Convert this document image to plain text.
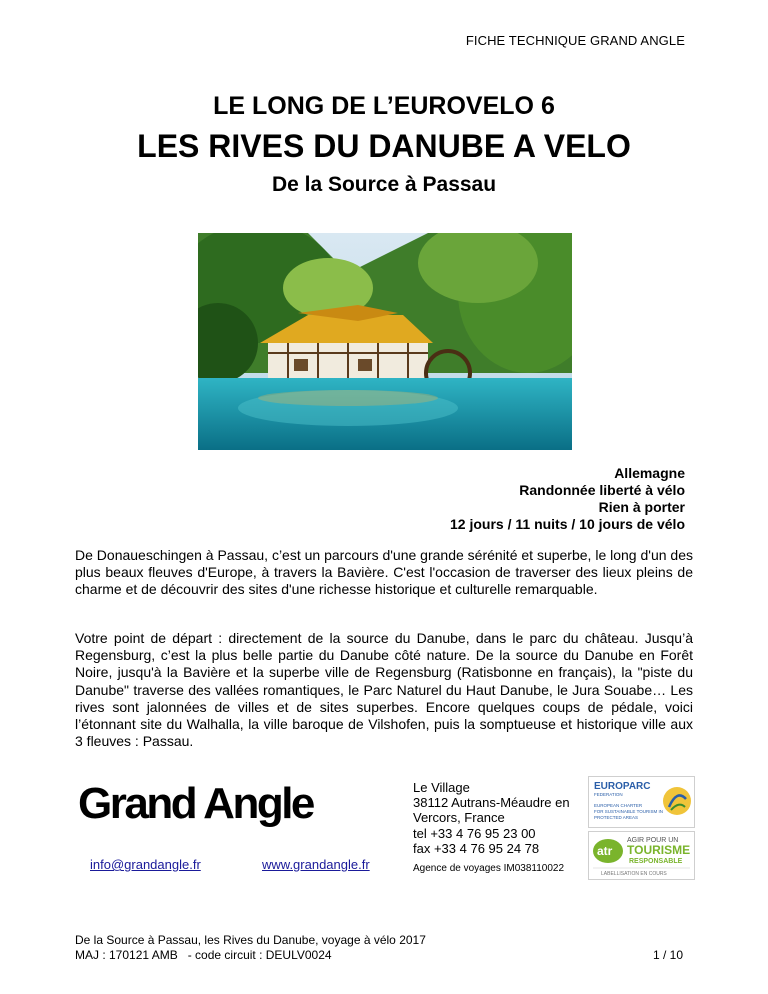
FICHE TECHNIQUE GRAND ANGLE
LE LONG DE L’EUROVELO 6
LES RIVES DU DANUBE A VELO
De la Source à Passau
Allemagne
Randonnée liberté à vélo
Rien à porter
12 jours / 11 nuits / 10 jours de vélo

De Donaueschingen à Passau, c’est un parcours d'une grande sérénité et superbe, le long d'un des plus beaux fleuves d'Europe, à travers la Bavière. C'est l'occasion de traverser des lieux pleins de charme et de découvrir des sites d'une richesse historique et culturelle remarquable.

Votre point de départ : directement de la source du Danube, dans le parc du château. Jusqu’à Regensburg, c’est la plus belle partie du Danube côté nature. De la source du Danube en Forêt Noire, jusqu'à la Bavière et la superbe ville de Regensburg (Ratisbonne en français), la "piste du Danube" traverse des vallées romantiques, le Parc Naturel du Haut Danube, le Jura Souabe… Les rives sont jalonnées de villes et de sites superbes. Encore quelques coups de pédale, voici l’étonnant site du Walhalla, la ville baroque de Vilshofen, puis la somptueuse et historique ville aux 3 fleuves : Passau.

Grand Angle
info@grandangle.fr	www.grandangle.fr
Le Village
38112 Autrans-Méaudre en
Vercors, France
tel +33 4 76 95 23 00
fax +33 4 76 95 24 78
Agence de voyages IM038110022
EUROPARC
FEDERATION
EUROPEAN CHARTER
FOR SUSTAINABLE TOURISM IN
PROTECTED AREAS
atr
AGIR POUR UN
TOURISME
RESPONSABLE
LABELLISATION EN COURS
De la Source à Passau, les Rives du Danube, voyage à vélo 2017
MAJ : 170121 AMB   - code circuit : DEULV0024	1 / 10
